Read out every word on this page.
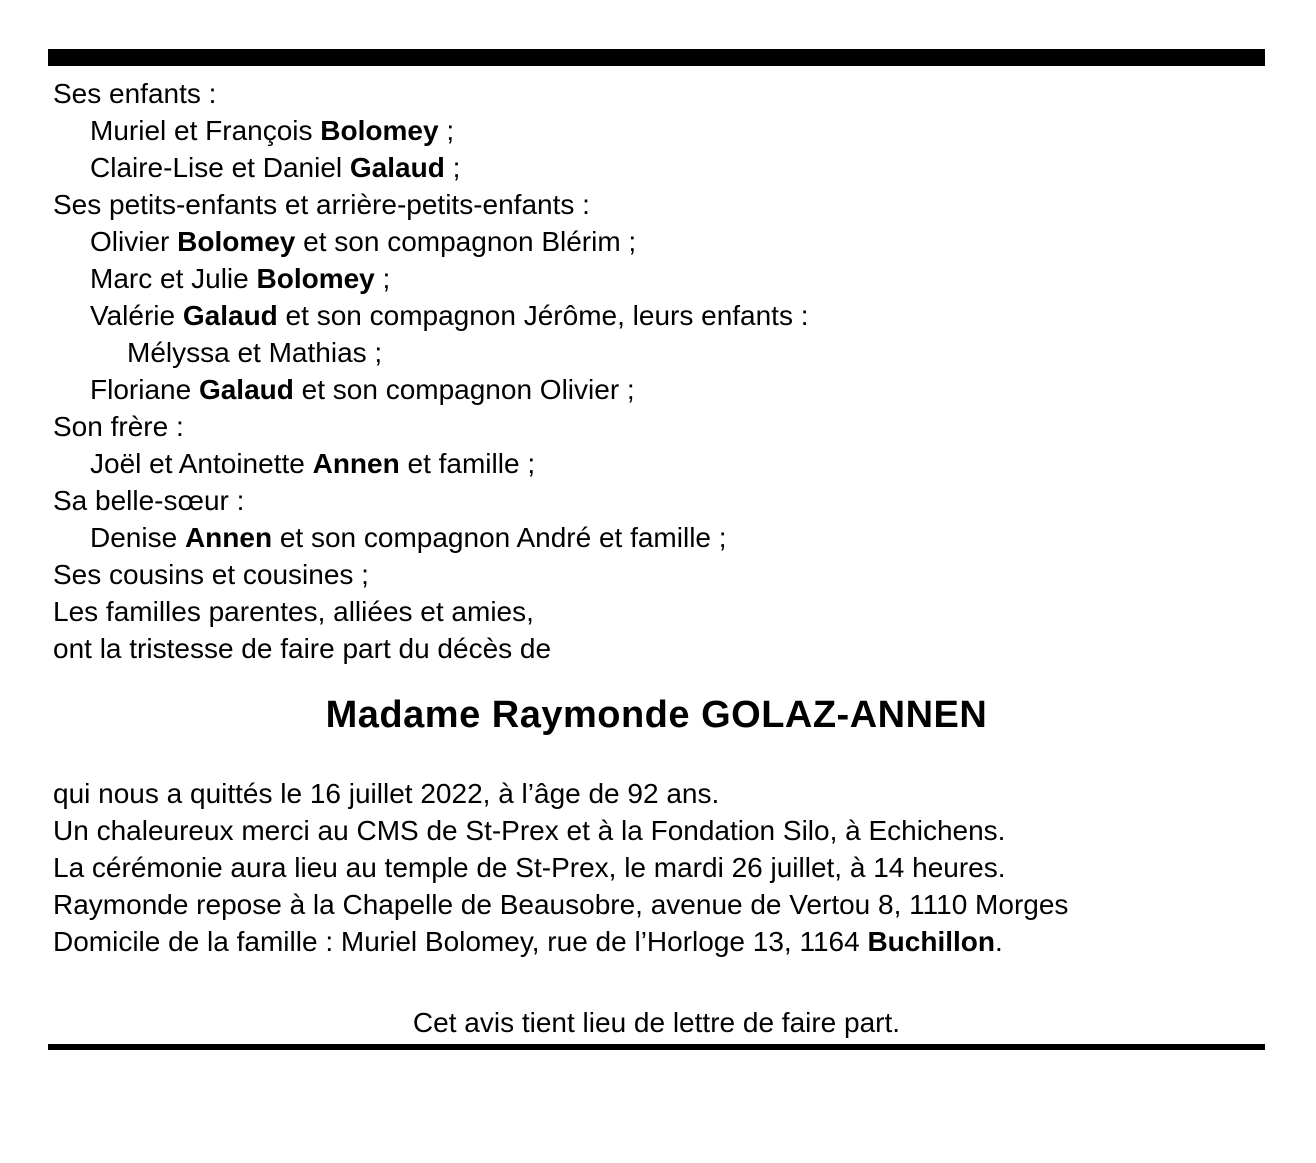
Ses enfants :
Muriel et François Bolomey ;
Claire-Lise et Daniel Galaud ;
Ses petits-enfants et arrière-petits-enfants :
Olivier Bolomey et son compagnon Blérim ;
Marc et Julie Bolomey ;
Valérie Galaud et son compagnon Jérôme, leurs enfants :
Mélyssa et Mathias ;
Floriane Galaud et son compagnon Olivier ;
Son frère :
Joël et Antoinette Annen et famille ;
Sa belle-sœur :
Denise Annen et son compagnon André et famille ;
Ses cousins et cousines ;
Les familles parentes, alliées et amies,
ont la tristesse de faire part du décès de
Madame Raymonde GOLAZ-ANNEN
qui nous a quittés le 16 juillet 2022, à l’âge de 92 ans.
Un chaleureux merci au CMS de St-Prex et à la Fondation Silo, à Echichens.
La cérémonie aura lieu au temple de St-Prex, le mardi 26 juillet, à 14 heures.
Raymonde repose à la Chapelle de Beausobre, avenue de Vertou 8, 1110 Morges
Domicile de la famille : Muriel Bolomey, rue de l’Horloge 13, 1164 Buchillon.
Cet avis tient lieu de lettre de faire part.
